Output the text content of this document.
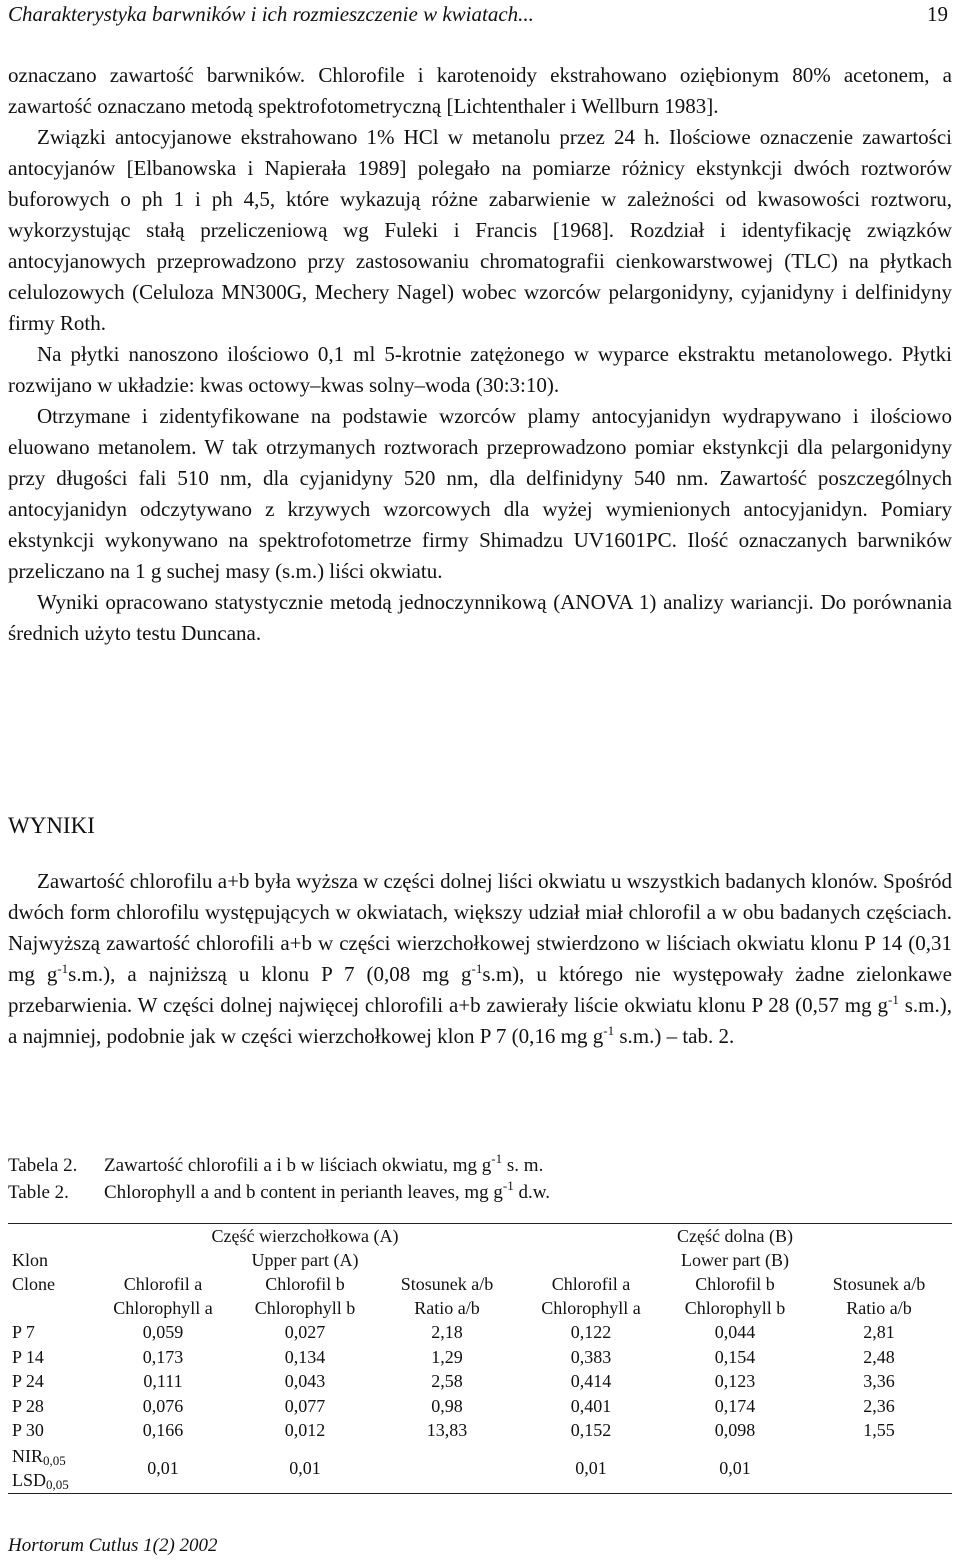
Charakterystyka barwników i ich rozmieszczenie w kwiatach...	19

oznaczano zawartość barwników. Chlorofile i karotenoidy ekstrahowano oziębionym 80% acetonem, a zawartość oznaczano metodą spektrofotometryczną [Lichtenthaler i Wellburn 1983].

Związki antocyjanowe ekstrahowano 1% HCl w metanolu przez 24 h. Ilościowe oznaczenie zawartości antocyjanów [Elbanowska i Napierała 1989] polegało na pomiarze różnicy ekstynkcji dwóch roztworów buforowych o ph 1 i ph 4,5, które wykazują różne zabarwienie w zależności od kwasowości roztworu, wykorzystując stałą przeliczeniową wg Fuleki i Francis [1968]. Rozdział i identyfikację związków antocyjanowych przeprowadzono przy zastosowaniu chromatografii cienkowarstwowej (TLC) na płytkach celulozowych (Celuloza MN300G, Mechery Nagel) wobec wzorców pelargonidyny, cyjanidyny i delfinidyny firmy Roth.

Na płytki nanoszono ilościowo 0,1 ml 5-krotnie zatężonego w wyparce ekstraktu metanolowego. Płytki rozwijano w układzie: kwas octowy–kwas solny–woda (30:3:10).

Otrzymane i zidentyfikowane na podstawie wzorców plamy antocyjanidyn wydrapywano i ilościowo eluowano metanolem. W tak otrzymanych roztworach przeprowadzono pomiar ekstynkcji dla pelargonidyny przy długości fali 510 nm, dla cyjanidyny 520 nm, dla delfinidyny 540 nm. Zawartość poszczególnych antocyjanidyn odczytywano z krzywych wzorcowych dla wyżej wymienionych antocyjanidyn. Pomiary ekstynkcji wykonywano na spektrofotometrze firmy Shimadzu UV1601PC. Ilość oznaczanych barwników przeliczano na 1 g suchej masy (s.m.) liści okwiatu.

Wyniki opracowano statystycznie metodą jednoczynnikową (ANOVA 1) analizy wariancji. Do porównania średnich użyto testu Duncana.

WYNIKI

Zawartość chlorofilu a+b była wyższa w części dolnej liści okwiatu u wszystkich badanych klonów. Spośród dwóch form chlorofilu występujących w okwiatach, większy udział miał chlorofil a w obu badanych częściach. Najwyższą zawartość chlorofili a+b w części wierzchołkowej stwierdzono w liściach okwiatu klonu P 14 (0,31 mg $g^{-1}s.m$.), a najniższą u klonu P 7 (0,08 mg $g^{-1}s.m$), u którego nie występowały żadne zielonkawe przebarwienia. W części dolnej najwięcej chlorofili a+b zawierały liście okwiatu klonu P 28 (0,57 mg $g^{-1}$ s.m.), a najmniej, podobnie jak w części wierzchołkowej klon P 7 (0,16 mg $g^{-1}$ s.m.) – tab. 2.

Tabela 2. Zawartość chlorofili a i b w liściach okwiatu, mg $g^{-1}$ s. m.
Table 2. Chlorophyll a and b content in perianth leaves, mg $g^{-1}$ d.w.
Klon
Clone	Część wierzchołkowa (A)			Część dolna (B)		
	Upper part (A)			Lower part (B)		
	Chlorofil a	Chlorofil b	Stosunek a/b	Chlorofil a	Chlorofil b	Stosunek a/b
	Chlorophyll a	Chlorophyll b	Ratio a/b	Chlorophyll a	Chlorophyll b	Ratio a/b
P 7	0,059	0,027	2,18	0,122	0,044	2,81
P 14	0,173	0,134	1,29	0,383	0,154	2,48
P 24	0,111	0,043	2,58	0,414	0,123	3,36
P 28	0,076	0,077	0,98	0,401	0,174	2,36
P 30	0,166	0,012	13,83	0,152	0,098	1,55
$NIR_{0,05}$
$LSD_{0,05}$	0,01	0,01		0,01	0,01	
Hortorum Cutlus 1(2) 2002
